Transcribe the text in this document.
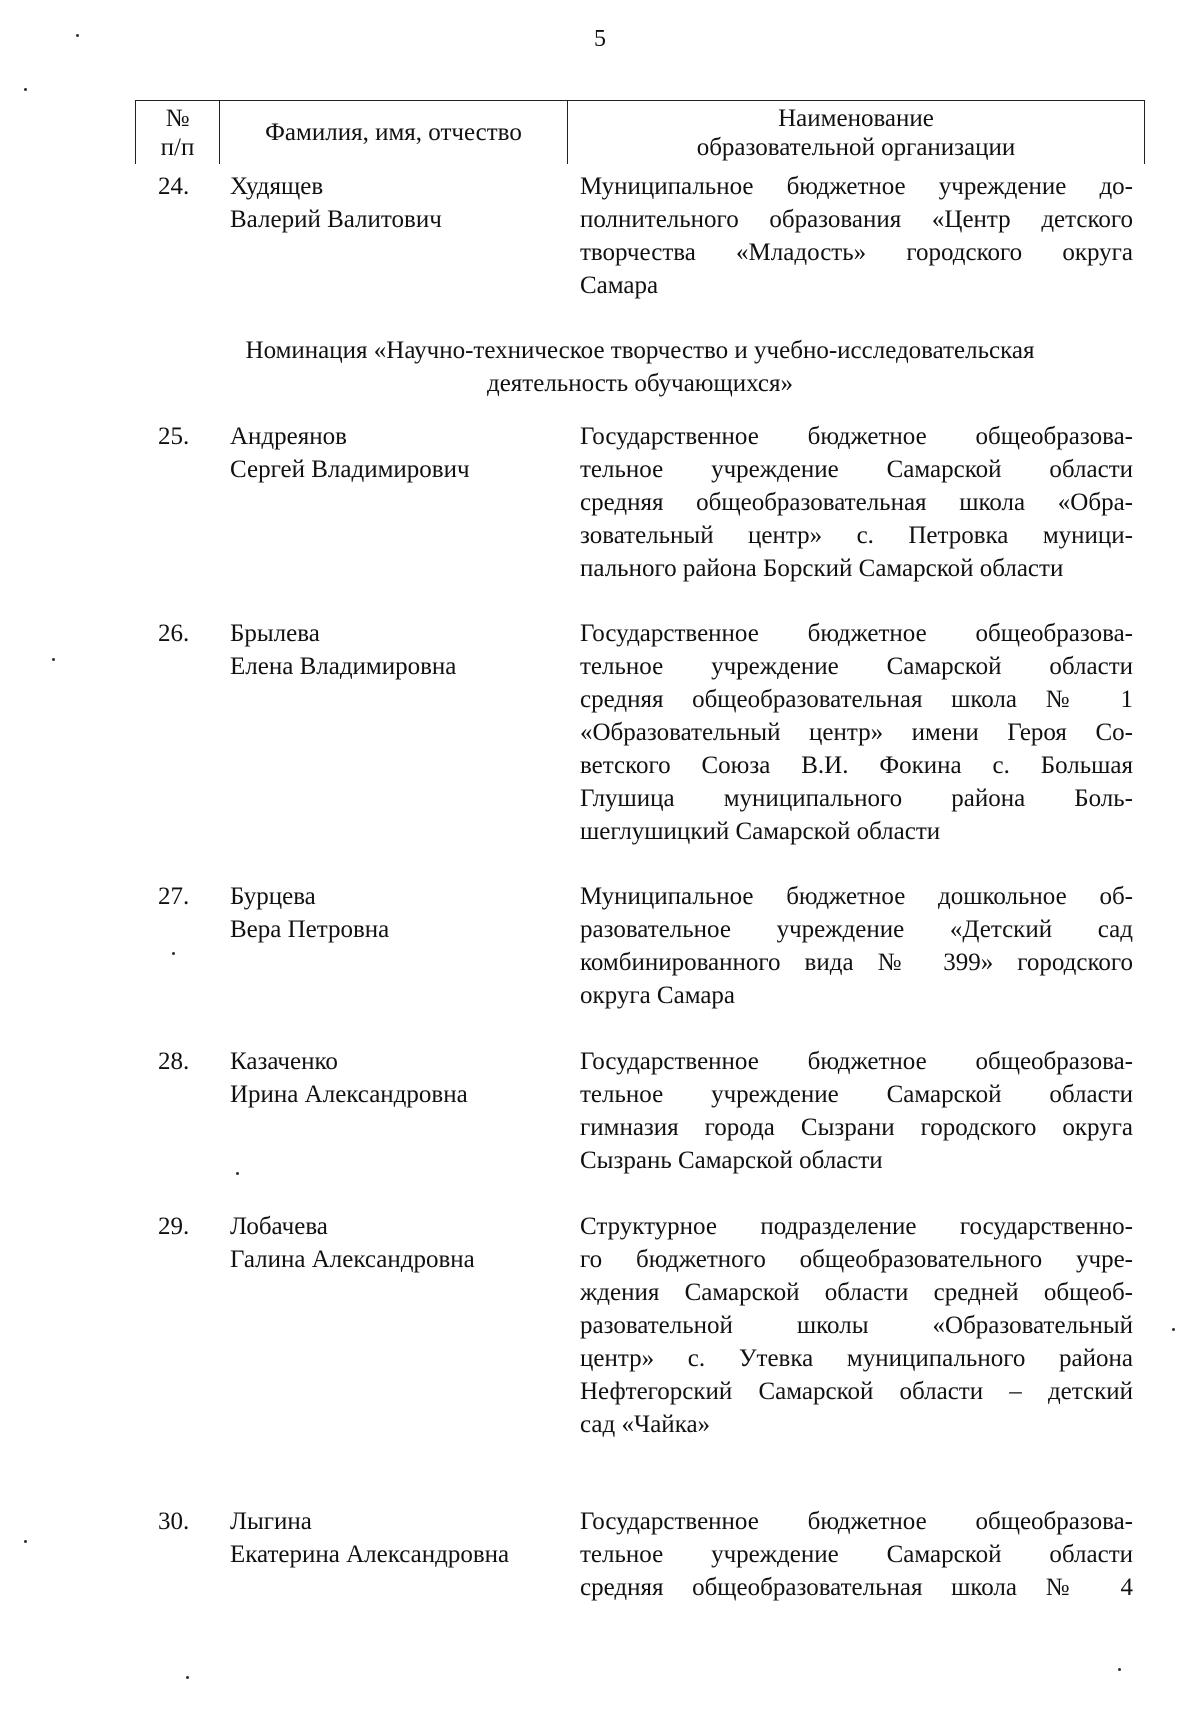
5
№
п/п
Фамилия, имя, отчество
Наименование
образовательной организации
24. Худящев
Валерий Валитович
Муниципальное бюджетное учреждение до-
полнительного образования «Центр детского
творчества «Младость» городского округа
Самара
Номинация «Научно-техническое творчество и учебно-исследовательская
деятельность обучающихся»
25. Андреянов
Сергей Владимирович
Государственное бюджетное общеобразова-
тельное учреждение Самарской области
средняя общеобразовательная школа «Обра-
зовательный центр» с. Петровка муници-
пального района Борский Самарской области
26. Брылева
Елена Владимировна
Государственное бюджетное общеобразова-
тельное учреждение Самарской области
средняя общеобразовательная школа № 1
«Образовательный центр» имени Героя Со-
ветского Союза В.И. Фокина с. Большая
Глушица муниципального района Боль-
шеглушицкий Самарской области
27. Бурцева
Вера Петровна
Муниципальное бюджетное дошкольное об-
разовательное учреждение «Детский сад
комбинированного вида № 399» городского
округа Самара
28. Казаченко
Ирина Александровна
Государственное бюджетное общеобразова-
тельное учреждение Самарской области
гимназия города Сызрани городского округа
Сызрань Самарской области
29. Лобачева
Галина Александровна
Структурное подразделение государственно-
го бюджетного общеобразовательного учре-
ждения Самарской области средней общеоб-
разовательной школы «Образовательный
центр» с. Утевка муниципального района
Нефтегорский Самарской области – детский
сад «Чайка»
30. Лыгина
Екатерина Александровна
Государственное бюджетное общеобразова-
тельное учреждение Самарской области
средняя общеобразовательная школа № 4
